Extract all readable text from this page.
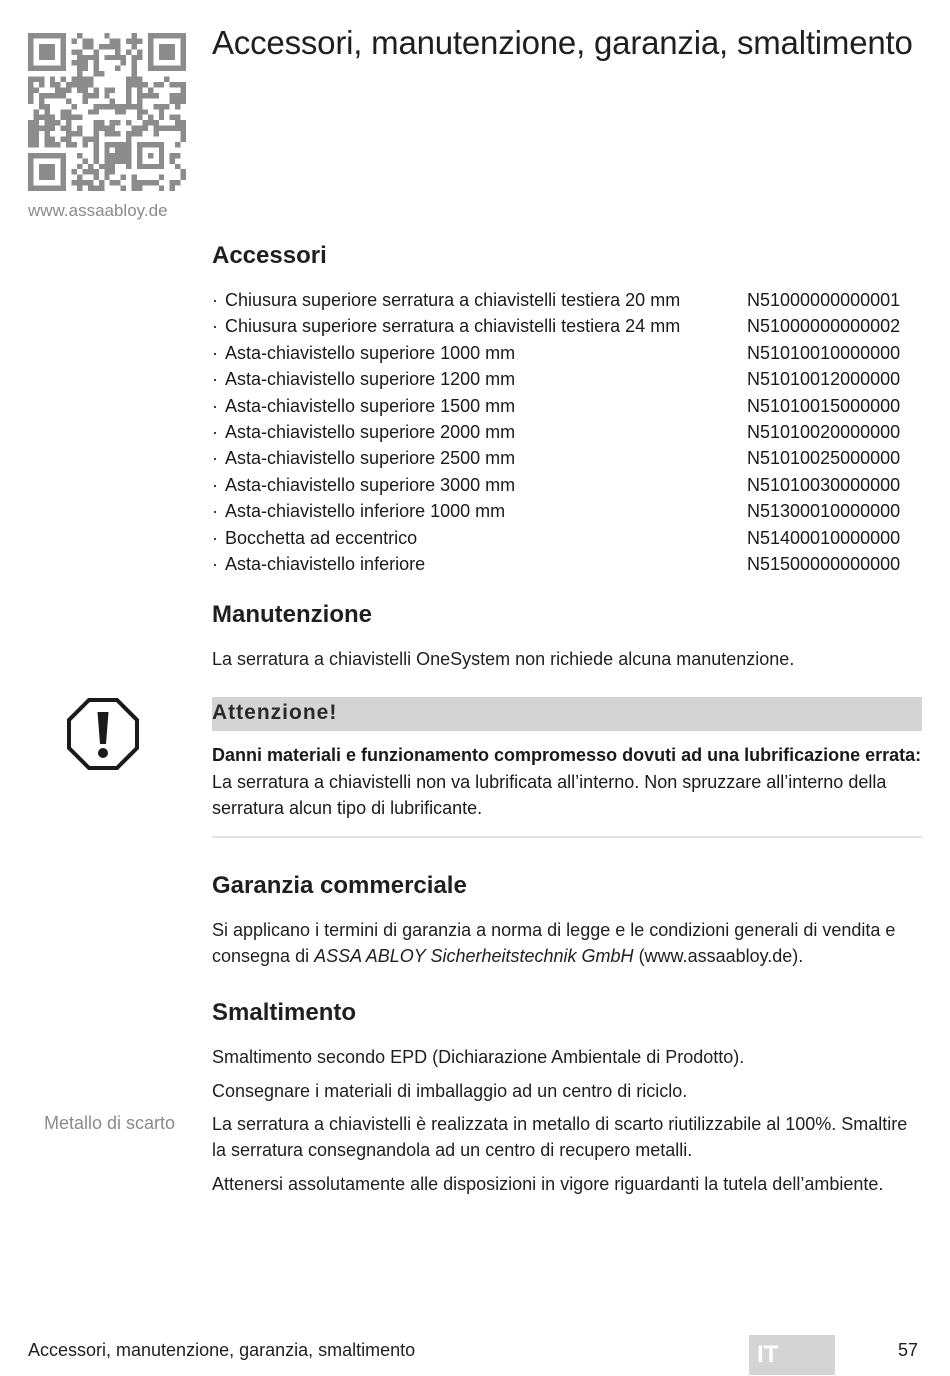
www.assaabloy.de
Accessori, manutenzione, garanzia, smaltimento
Accessori
· Chiusura superiore serratura a chiavistelli testiera 20 mm	N51000000000001
· Chiusura superiore serratura a chiavistelli testiera 24 mm	N51000000000002
· Asta-chiavistello superiore 1000 mm	N51010010000000
· Asta-chiavistello superiore 1200 mm	N51010012000000
· Asta-chiavistello superiore 1500 mm	N51010015000000
· Asta-chiavistello superiore 2000 mm	N51010020000000
· Asta-chiavistello superiore 2500 mm	N51010025000000
· Asta-chiavistello superiore 3000 mm	N51010030000000
· Asta-chiavistello inferiore 1000 mm	N51300010000000
· Bocchetta ad eccentrico	N51400010000000
· Asta-chiavistello inferiore	N51500000000000
Manutenzione

La serratura a chiavistelli OneSystem non richiede alcuna manutenzione.

Attenzione!

Danni materiali e funzionamento compromesso dovuti ad una lubrificazione errata: La serratura a chiavistelli non va lubrificata all’interno. Non spruzzare all’interno della serratura alcun tipo di lubrificante.

Garanzia commerciale

Si applicano i termini di garanzia a norma di legge e le condizioni generali di vendita e consegna di ASSA ABLOY Sicherheitstechnik GmbH (www.assaabloy.de).

Smaltimento

Smaltimento secondo EPD (Dichiarazione Ambientale di Prodotto).

Consegnare i materiali di imballaggio ad un centro di riciclo.

Metallo di scarto La serratura a chiavistelli è realizzata in metallo di scarto riutilizzabile al 100%. Smaltire la serratura consegnandola ad un centro di recupero metalli.

Attenersi assolutamente alle disposizioni in vigore riguardanti la tutela dell’ambiente.

Accessori, manutenzione, garanzia, smaltimento	IT	57
